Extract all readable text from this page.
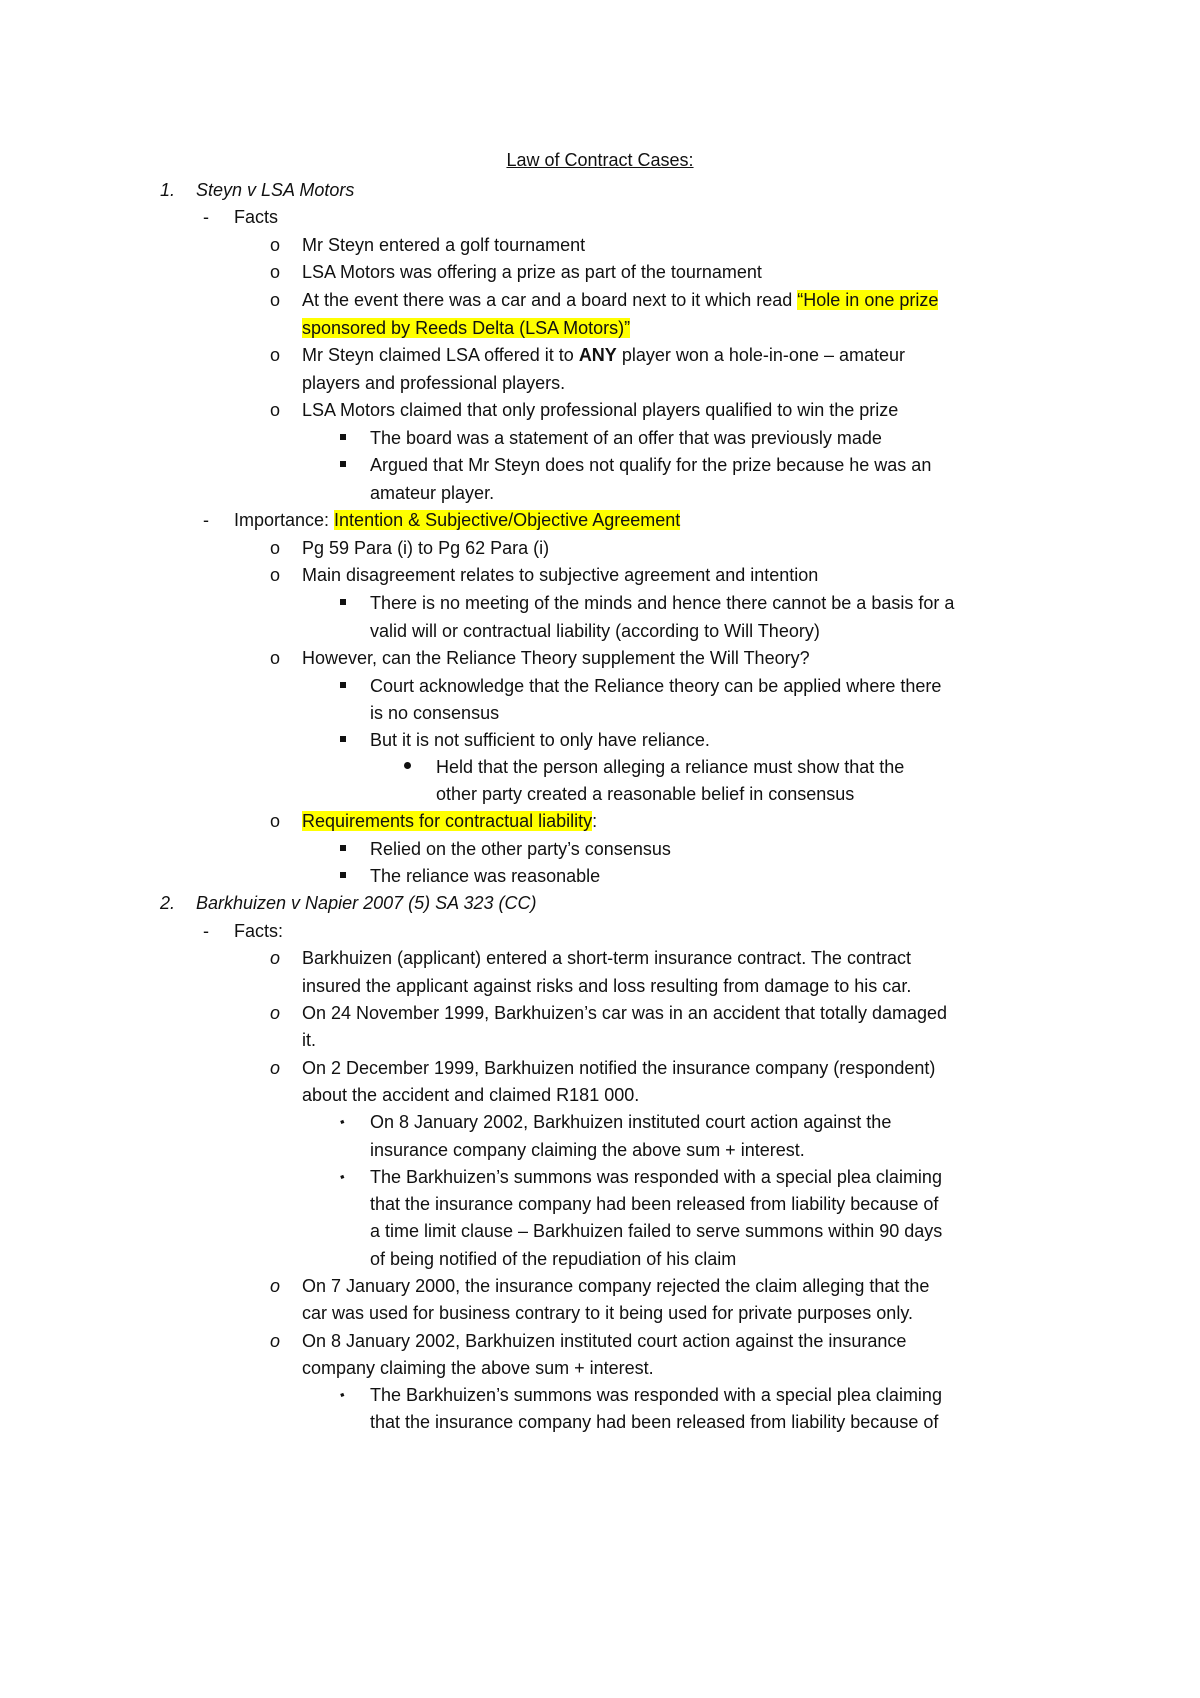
Law of Contract Cases:
1. Steyn v LSA Motors
- Facts
o Mr Steyn entered a golf tournament
o LSA Motors was offering a prize as part of the tournament
o At the event there was a car and a board next to it which read “Hole in one prize
sponsored by Reeds Delta (LSA Motors)”
o Mr Steyn claimed LSA offered it to ANY player won a hole-in-one – amateur
players and professional players.
o LSA Motors claimed that only professional players qualified to win the prize
The board was a statement of an offer that was previously made
Argued that Mr Steyn does not qualify for the prize because he was an
amateur player.
- Importance: Intention & Subjective/Objective Agreement
o Pg 59 Para (i) to Pg 62 Para (i)
o Main disagreement relates to subjective agreement and intention
There is no meeting of the minds and hence there cannot be a basis for a
valid will or contractual liability (according to Will Theory)
o However, can the Reliance Theory supplement the Will Theory?
Court acknowledge that the Reliance theory can be applied where there
is no consensus
But it is not sufficient to only have reliance.
Held that the person alleging a reliance must show that the
other party created a reasonable belief in consensus
o Requirements for contractual liability:
Relied on the other party’s consensus
The reliance was reasonable
2. Barkhuizen v Napier 2007 (5) SA 323 (CC)
- Facts:
o Barkhuizen (applicant) entered a short-term insurance contract. The contract
insured the applicant against risks and loss resulting from damage to his car.
o On 24 November 1999, Barkhuizen’s car was in an accident that totally damaged
it.
o On 2 December 1999, Barkhuizen notified the insurance company (respondent)
about the accident and claimed R181 000.
▪ On 8 January 2002, Barkhuizen instituted court action against the
insurance company claiming the above sum + interest.
▪ The Barkhuizen’s summons was responded with a special plea claiming
that the insurance company had been released from liability because of
a time limit clause – Barkhuizen failed to serve summons within 90 days
of being notified of the repudiation of his claim
o On 7 January 2000, the insurance company rejected the claim alleging that the
car was used for business contrary to it being used for private purposes only.
o On 8 January 2002, Barkhuizen instituted court action against the insurance
company claiming the above sum + interest.
▪ The Barkhuizen’s summons was responded with a special plea claiming
that the insurance company had been released from liability because of
